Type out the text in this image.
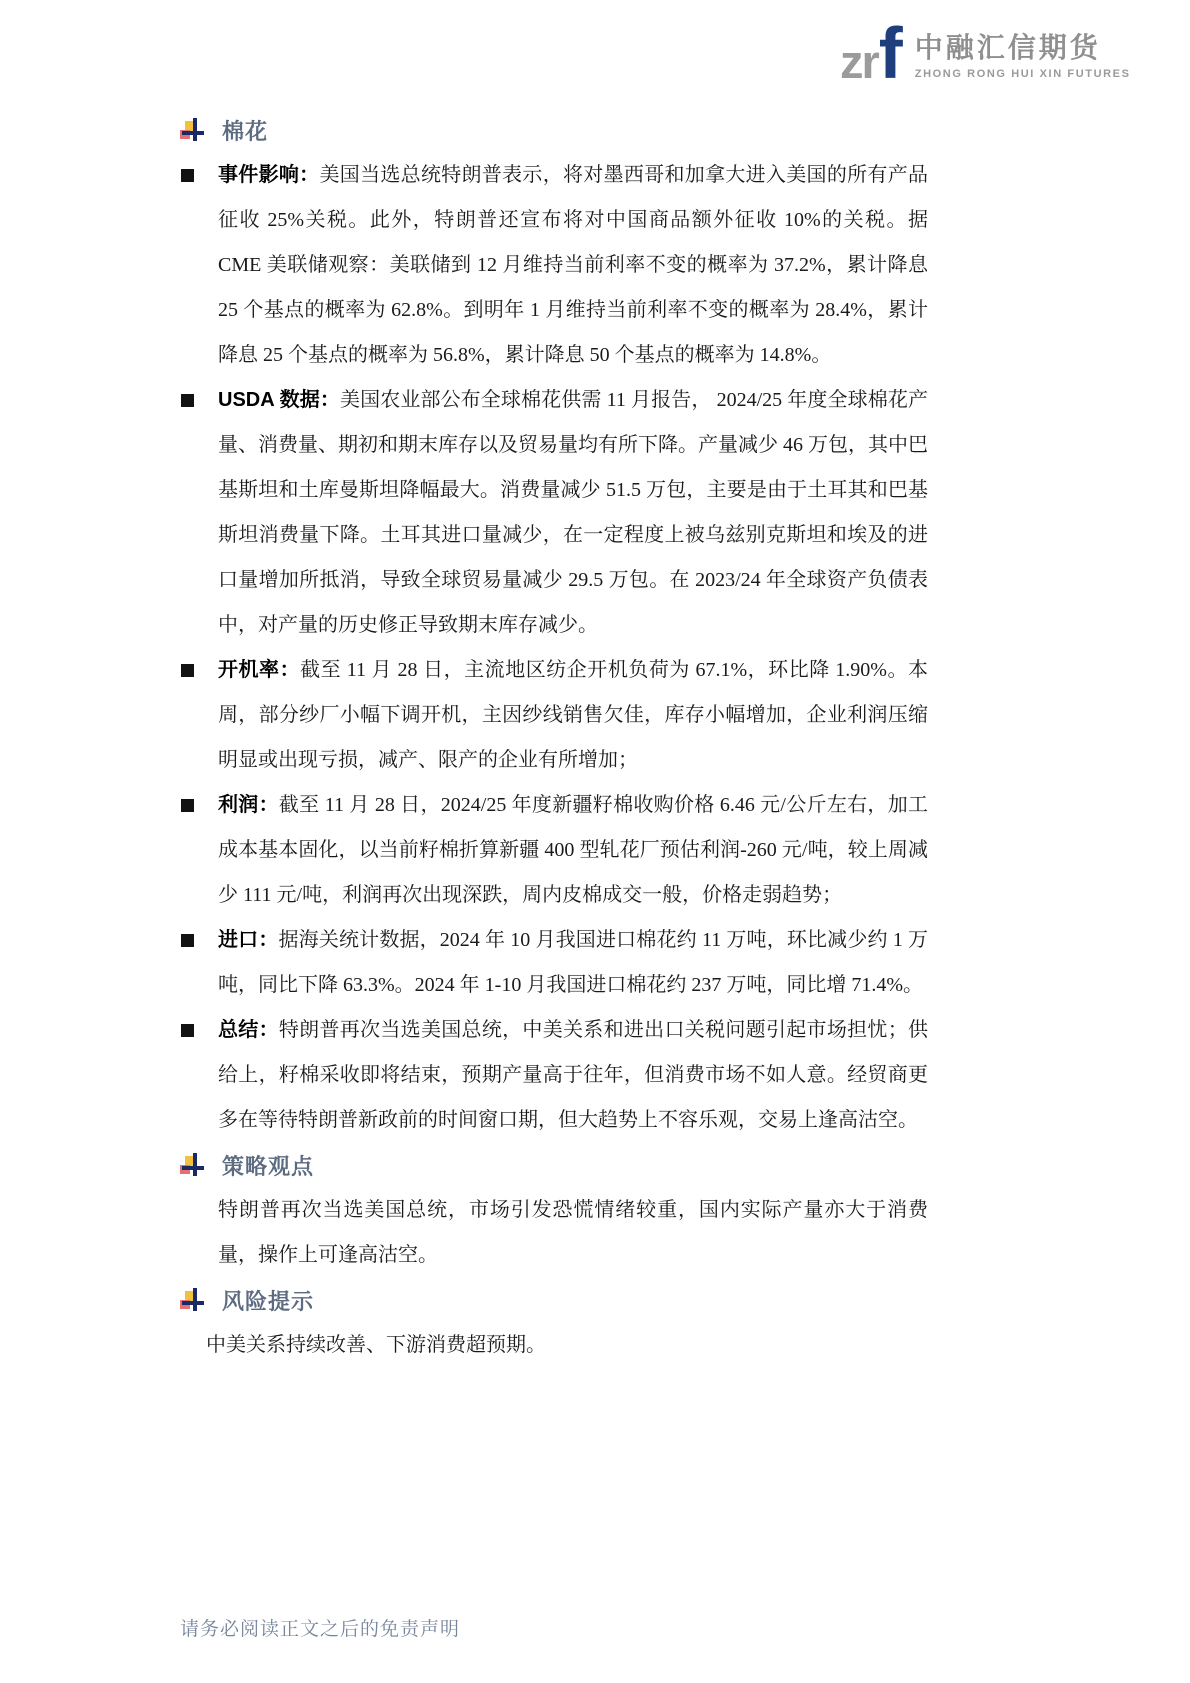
zr f 中融汇信期货
ZHONG RONG HUI XIN FUTURES
棉花

事件影响：美国当选总统特朗普表示，将对墨西哥和加拿大进入美国的所有产品征收 25%关税。此外，特朗普还宣布将对中国商品额外征收 10%的关税。据 CME 美联储观察：美联储到 12 月维持当前利率不变的概率为 37.2%，累计降息 25 个基点的概率为 62.8%。到明年 1 月维持当前利率不变的概率为 28.4%，累计降息 25 个基点的概率为 56.8%，累计降息 50 个基点的概率为 14.8%。

USDA 数据：美国农业部公布全球棉花供需 11 月报告， 2024/25 年度全球棉花产量、消费量、期初和期末库存以及贸易量均有所下降。产量减少 46 万包，其中巴基斯坦和土库曼斯坦降幅最大。消费量减少 51.5 万包，主要是由于土耳其和巴基斯坦消费量下降。土耳其进口量减少，在一定程度上被乌兹别克斯坦和埃及的进口量增加所抵消，导致全球贸易量减少 29.5 万包。在 2023/24 年全球资产负债表中，对产量的历史修正导致期末库存减少。

开机率：截至 11 月 28 日，主流地区纺企开机负荷为 67.1%，环比降 1.90%。本周，部分纱厂小幅下调开机，主因纱线销售欠佳，库存小幅增加，企业利润压缩明显或出现亏损，减产、限产的企业有所增加；

利润：截至 11 月 28 日，2024/25 年度新疆籽棉收购价格 6.46 元/公斤左右，加工成本基本固化，以当前籽棉折算新疆 400 型轧花厂预估利润-260 元/吨，较上周减少 111 元/吨，利润再次出现深跌，周内皮棉成交一般，价格走弱趋势；

进口：据海关统计数据，2024 年 10 月我国进口棉花约 11 万吨，环比减少约 1 万吨，同比下降 63.3%。2024 年 1-10 月我国进口棉花约 237 万吨，同比增 71.4%。

总结：特朗普再次当选美国总统，中美关系和进出口关税问题引起市场担忧；供给上，籽棉采收即将结束，预期产量高于往年，但消费市场不如人意。经贸商更多在等待特朗普新政前的时间窗口期，但大趋势上不容乐观，交易上逢高沽空。

策略观点

特朗普再次当选美国总统，市场引发恐慌情绪较重，国内实际产量亦大于消费量，操作上可逢高沽空。

风险提示

中美关系持续改善、下游消费超预期。

请务必阅读正文之后的免责声明
